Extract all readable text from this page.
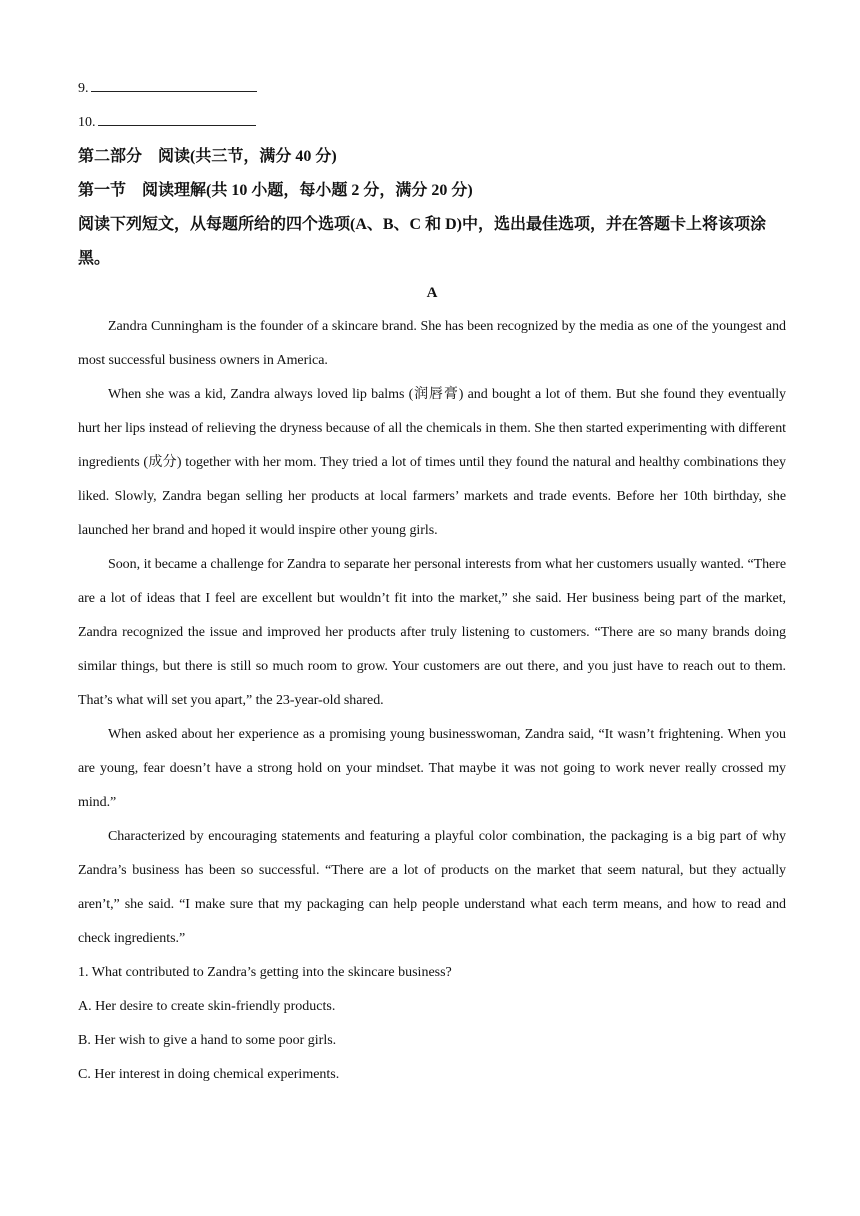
9.
10.
第二部分　阅读(共三节，满分 40 分)
第一节　阅读理解(共 10 小题，每小题 2 分，满分 20 分)
阅读下列短文，从每题所给的四个选项(A、B、C 和 D)中，选出最佳选项，并在答题卡上将该项涂黑。
A

Zandra Cunningham is the founder of a skincare brand. She has been recognized by the media as one of the youngest and most successful business owners in America.

When she was a kid, Zandra always loved lip balms (润唇膏) and bought a lot of them. But she found they eventually hurt her lips instead of relieving the dryness because of all the chemicals in them. She then started experimenting with different ingredients (成分) together with her mom. They tried a lot of times until they found the natural and healthy combinations they liked. Slowly, Zandra began selling her products at local farmers’ markets and trade events. Before her 10th birthday, she launched her brand and hoped it would inspire other young girls.

Soon, it became a challenge for Zandra to separate her personal interests from what her customers usually wanted. “There are a lot of ideas that I feel are excellent but wouldn’t fit into the market,” she said. Her business being part of the market, Zandra recognized the issue and improved her products after truly listening to customers. “There are so many brands doing similar things, but there is still so much room to grow. Your customers are out there, and you just have to reach out to them. That’s what will set you apart,” the 23-year-old shared.

When asked about her experience as a promising young businesswoman, Zandra said, “It wasn’t frightening. When you are young, fear doesn’t have a strong hold on your mindset. That maybe it was not going to work never really crossed my mind.”

Characterized by encouraging statements and featuring a playful color combination, the packaging is a big part of why Zandra’s business has been so successful. “There are a lot of products on the market that seem natural, but they actually aren’t,” she said. “I make sure that my packaging can help people understand what each term means, and how to read and check ingredients.”

1. What contributed to Zandra’s getting into the skincare business?

A. Her desire to create skin-friendly products.

B. Her wish to give a hand to some poor girls.

C. Her interest in doing chemical experiments.
